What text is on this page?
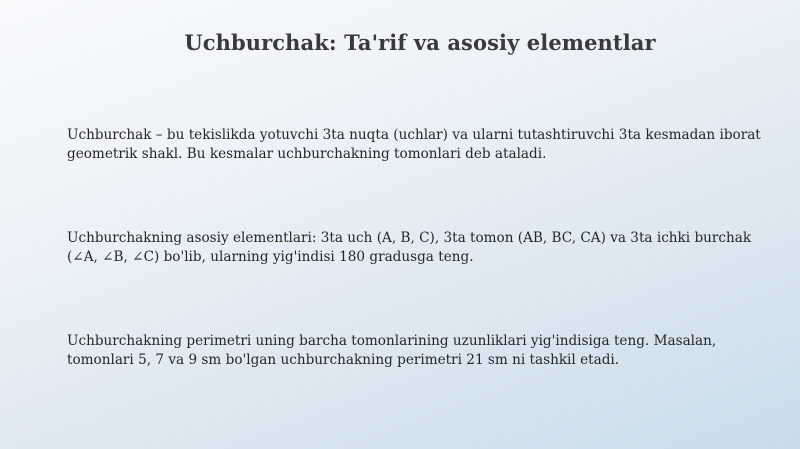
Uchburchak: Ta'rif va asosiy elementlar
Uchburchak – bu tekislikda yotuvchi 3ta nuqta (uchlar) va ularni tutashtiruvchi 3ta kesmadan iborat geometrik shakl. Bu kesmalar uchburchakning tomonlari deb ataladi.
Uchburchakning asosiy elementlari: 3ta uch (A, B, C), 3ta tomon (AB, BC, CA) va 3ta ichki burchak (∠A, ∠B, ∠C) bo'lib, ularning yig'indisi 180 gradusga teng.
Uchburchakning perimetri uning barcha tomonlarining uzunliklari yig'indisiga teng. Masalan, tomonlari 5, 7 va 9 sm bo'lgan uchburchakning perimetri 21 sm ni tashkil etadi.
